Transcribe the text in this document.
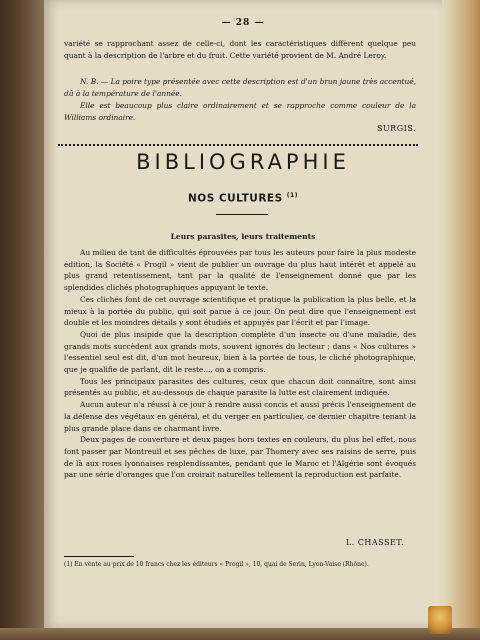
— 28 —
variété se rapprochant assez de celle-ci, dont les caractéristiques diffèrent quelque peu quant à la description de l'arbre et du fruit. Cette variété provient de M. André Leroy.
N. B. — La poire type présentée avec cette description est d'un brun jaune très accentué, dû à la température de l'année.
Elle est beaucoup plus claire ordinairement et se rapproche comme couleur de la Williams ordinaire.
SURGIS.
BIBLIOGRAPHIE
NOS CULTURES $^{(1)}$
Leurs parasites, leurs traitements
Au milieu de tant de difficultés éprouvées par tous les auteurs pour faire la plus modeste édition, la Société « Progil » vient de publier un ouvrage du plus haut intérêt et appelé au plus grand retentissement, tant par la qualité de l'enseignement donné que par les splendides clichés photographiques appuyant le texte.
Ces clichés font de cet ouvrage scientifique et pratique la publication la plus belle, et la mieux à la portée du public, qui soit parue à ce jour. On peut dire que l'enseignement est double et les moindres détails y sont étudiés et appuyés par l'écrit et par l'image.
Quoi de plus insipide que la description complète d'un insecte ou d'une maladie, des grands mots succèdent aux grands mots, souvent ignorés du lecteur ; dans « Nos cultures » l'essentiel seul est dit, d'un mot heureux, bien à la portée de tous, le cliché photographique, que je qualifie de parlant, dit le reste..., on a compris.
Tous les principaux parasites des cultures, ceux que chacun doit connaître, sont ainsi présentés au public, et au-dessous de chaque parasite la lutte est clairement indiquée.
Aucun auteur n'a réussi à ce jour à rendre aussi concis et aussi précis l'enseignement de la défense des végétaux en général, et du verger en particulier, ce dernier chapitre tenant la plus grande place dans ce charmant livre.
Deux pages de couverture et deux pages hors textes en couleurs, du plus bel effet, nous font passer par Montreuil et ses pêches de luxe, par Thomery avec ses raisins de serre, puis de là aux roses lyonnaises resplendissantes, pendant que le Maroc et l'Algérie sont évoqués par une série d'oranges que l'on croirait naturelles tellement la reproduction est parfaite.
L. CHASSET.
(1) En vente au prix de 10 francs chez les éditeurs « Progil », 10, quai de Serin, Lyon-Vaise (Rhône).
